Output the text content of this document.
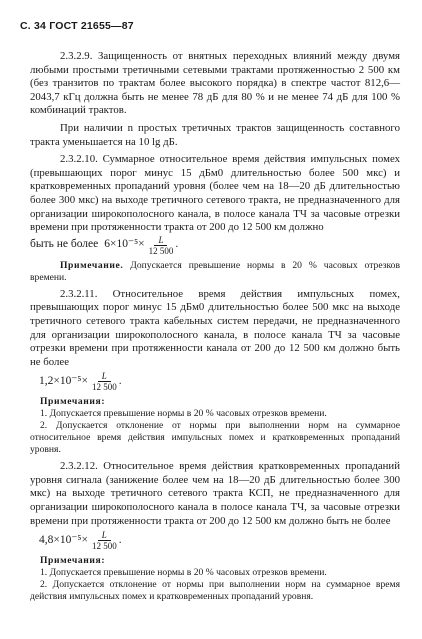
С. 34 ГОСТ 21655—87

2.3.2.9. Защищенность от внятных переходных влияний между двумя любыми простыми третичными сетевыми трактами протяженностью 2 500 км (без транзитов по трактам более высокого порядка) в спектре частот 812,6—2043,7 кГц должна быть не менее 78 дБ для 80 % и не менее 74 дБ для 100 % комбинаций трактов.

При наличии n простых третичных трактов защищенность составного тракта уменьшается на 10 lg дБ.

2.3.2.10. Суммарное относительное время действия импульсных помех (превышающих порог минус 15 дБм0 длительностью более 500 мкс) и кратковременных пропаданий уровня (более чем на 18—20 дБ длительностью более 300 мкс) на выходе третичного сетевого тракта, не предназначенного для организации широкополосного канала, в полосе канала ТЧ за часовые отрезки времени при протяженности тракта от 200 до 12 500 км должно

быть не более $6\times 10^{-5}\times \frac{L}{12 500}$ .

Примечание. Допускается превышение нормы в 20 % часовых отрезков времени.

2.3.2.11. Относительное время действия импульсных помех, превышающих порог минус 15 дБм0 длительностью более 500 мкс на выходе третичного сетевого тракта кабельных систем передачи, не предназначенного для организации широкополосного канала, в полосе канала ТЧ за часовые отрезки времени при протяженности канала от 200 до 12 500 км должно быть не более

$1,2\times 10^{-5}\times \frac{L}{12 500}$ .
Примечания:
1. Допускается превышение нормы в 20 % часовых отрезков времени.
2. Допускается отклонение от нормы при выполнении норм на суммарное относительное время действия импульсных помех и кратковременных пропаданий уровня.

2.3.2.12. Относительное время действия кратковременных пропаданий уровня сигнала (занижение более чем на 18—20 дБ длительностью более 300 мкс) на выходе третичного сетевого тракта КСП, не предназначенного для организации широкополосного канала в полосе канала ТЧ, за часовые отрезки времени при протяженности тракта от 200 до 12 500 км должно быть не более

$4,8\times 10^{-5}\times \frac{L}{12 500}$ .
Примечания:
1. Допускается превышение нормы в 20 % часовых отрезков времени.
2. Допускается отклонение от нормы при выполнении норм на суммарное время действия импульсных помех и кратковременных пропаданий уровня.
